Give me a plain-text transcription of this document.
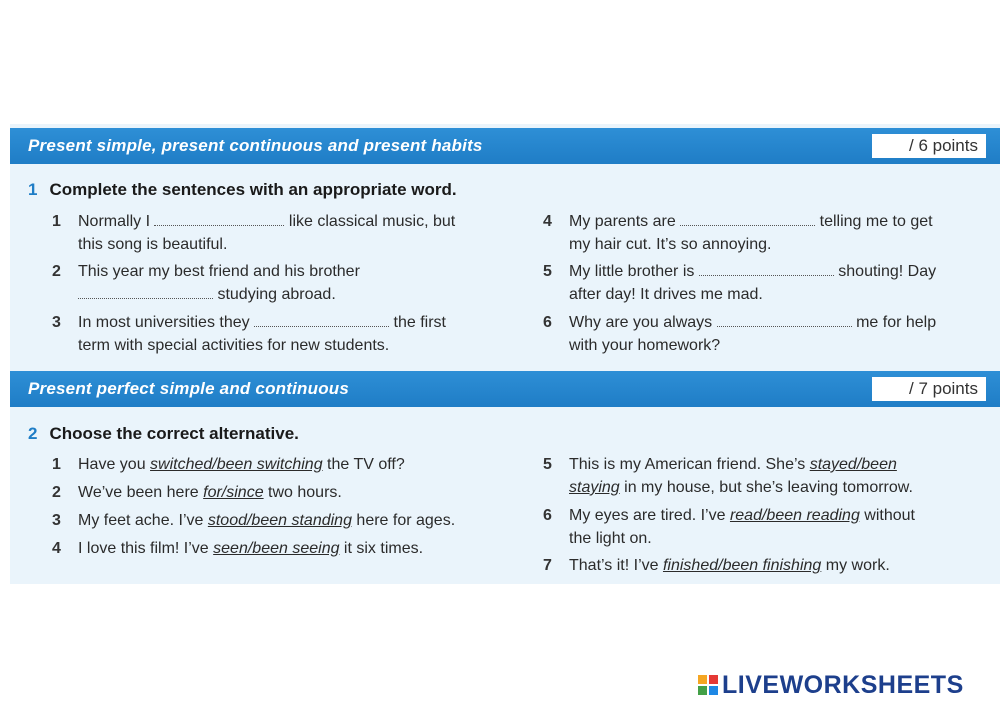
Present simple, present continuous and present habits	/ 6 points
1 Complete the sentences with an appropriate word.
1 Normally I	like classical music, but
this song is beautiful.
2 This year my best friend and his brother
studying abroad.
3 In most universities they	the first
term with special activities for new students.
4 My parents are	telling me to get
my hair cut. It’s so annoying.
5 My little brother is	shouting! Day
after day! It drives me mad.
6 Why are you always	me for help
with your homework?
Present perfect simple and continuous	/ 7 points
2 Choose the correct alternative.
1 Have you switched/been switching the TV off?
2 We’ve been here for/since two hours.
3 My feet ache. I’ve stood/been standing here for ages.
4 I love this film! I’ve seen/been seeing it six times.
5 This is my American friend. She’s stayed/been
staying in my house, but she’s leaving tomorrow.
6 My eyes are tired. I’ve read/been reading without
the light on.
7 That’s it! I’ve finished/been finishing my work.
LIVEWORKSHEETS
